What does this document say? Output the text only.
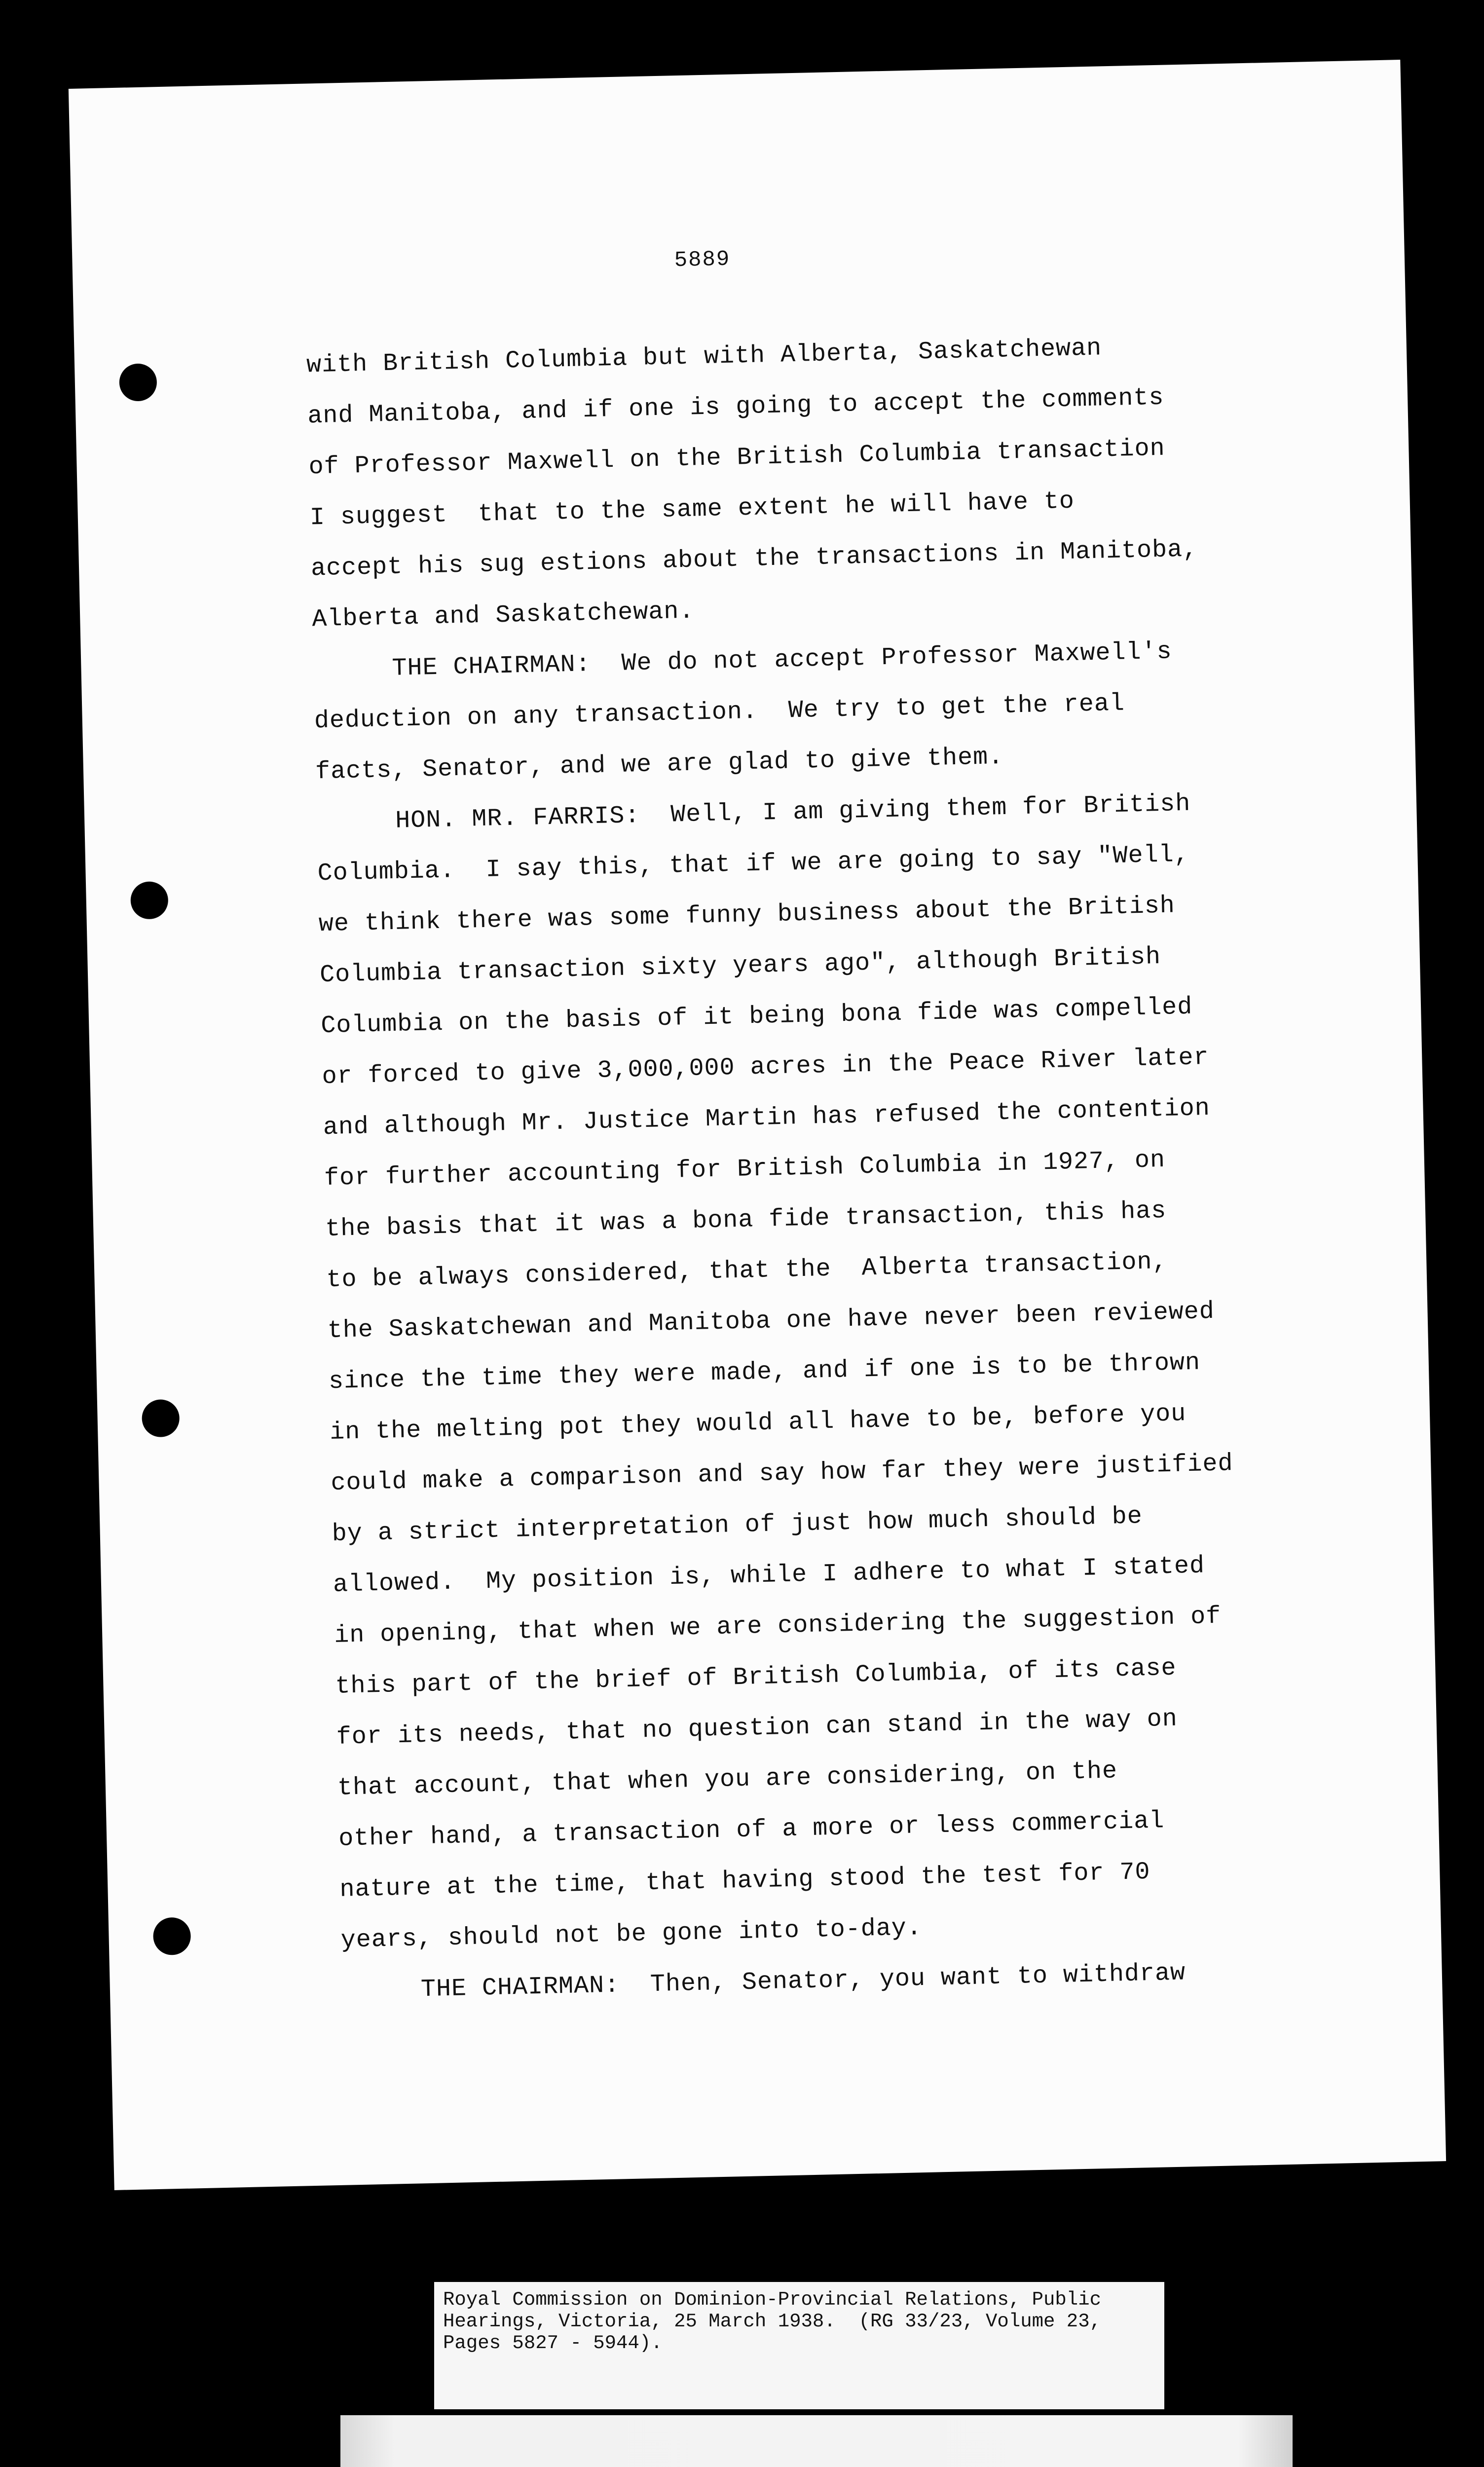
5889
with British Columbia but with Alberta, Saskatchewan
and Manitoba, and if one is going to accept the comments
of Professor Maxwell on the British Columbia transaction
I suggest  that to the same extent he will have to
accept his sug estions about the transactions in Manitoba,
Alberta and Saskatchewan.
THE CHAIRMAN:  We do not accept Professor Maxwell's
deduction on any transaction.  We try to get the real
facts, Senator, and we are glad to give them.
HON. MR. FARRIS:  Well, I am giving them for British
Columbia.  I say this, that if we are going to say "Well,
we think there was some funny business about the British
Columbia transaction sixty years ago", although British
Columbia on the basis of it being bona fide was compelled
or forced to give 3,000,000 acres in the Peace River later
and although Mr. Justice Martin has refused the contention
for further accounting for British Columbia in 1927, on
the basis that it was a bona fide transaction, this has
to be always considered, that the  Alberta transaction,
the Saskatchewan and Manitoba one have never been reviewed
since the time they were made, and if one is to be thrown
in the melting pot they would all have to be, before you
could make a comparison and say how far they were justified
by a strict interpretation of just how much should be
allowed.  My position is, while I adhere to what I stated
in opening, that when we are considering the suggestion of
this part of the brief of British Columbia, of its case
for its needs, that no question can stand in the way on
that account, that when you are considering, on the
other hand, a transaction of a more or less commercial
nature at the time, that having stood the test for 70
years, should not be gone into to-day.
THE CHAIRMAN:  Then, Senator, you want to withdraw
Royal Commission on Dominion-Provincial Relations, Public
Hearings, Victoria, 25 March 1938.  (RG 33/23, Volume 23,
Pages 5827 - 5944).
